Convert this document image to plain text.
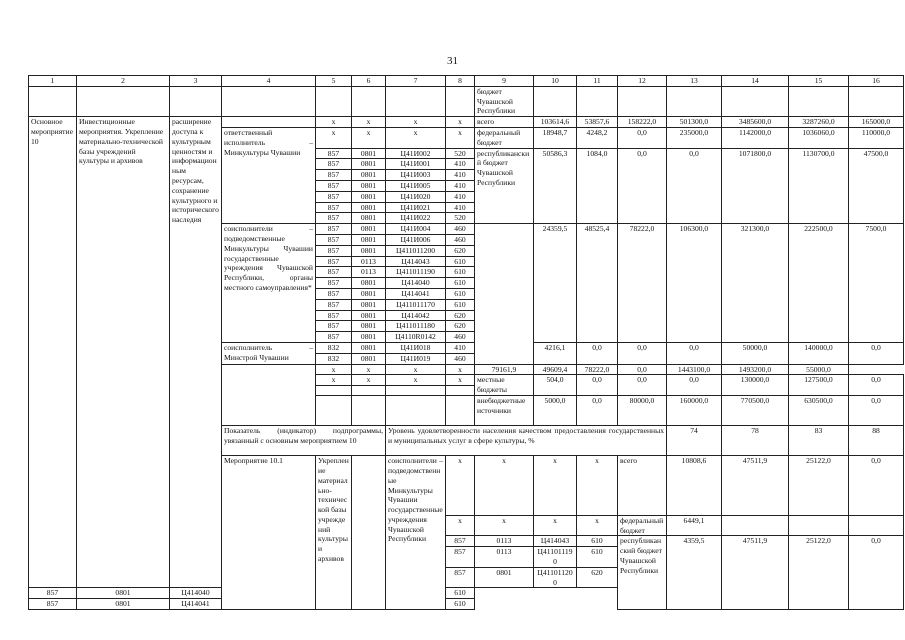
31
1	2	3	4	5	6	7	8	9	10	11	12	13	14	15	16	
								бюджет Чувашской Республики								
Основное мероприятие 10	Инвестиционные мероприятия. Укрепление материально-технической базы учреждений культуры и архивов	расширение доступа к культурным ценностям и информационным ресурсам, сохранение культурного и исторического наследия		x	x	x	x	всего	103614,6	53857,6	158222,0	501300,0	3485600,0	3287260,0	165000,0	
			ответственный исполнитель – Минкультуры Чувашии	x	x	x	x	федеральный бюджет	18948,7	4248,2	0,0	235000,0	1142000,0	1036060,0	110000,0	
				857	0801	Ц41И002	520	республиканский бюджет Чувашской Республики	50586,3	1084,0	0,0	0,0	1071800,0	1130700,0	47500,0	
				857	0801	Ц41И001	410									
				857	0801	Ц41И003	410									
				857	0801	Ц41И005	410									
				857	0801	Ц41И020	410									
				857	0801	Ц41И021	410									
				857	0801	Ц41И022	520									
			соисполнители – подведомственные Минкультуры Чувашии государственные учреждения Чувашской Республики, органы местного самоуправления*	857	0801	Ц41И004	460		24359,5	48525,4	78222,0	106300,0	321300,0	222500,0	7500,0	
				857	0801	Ц41И006	460									
				857	0801	Ц411011200	620									
				857	0113	Ц414043	610									
				857	0113	Ц411011190	610									
				857	0801	Ц414040	610									
				857	0801	Ц414041	610									
				857	0801	Ц411011170	610									
				857	0801	Ц414042	620									
				857	0801	Ц411011180	620									
				857	0801	Ц4110R0142	460									
			соисполнитель – Минстрой Чувашии	832	0801	Ц41И018	410		4216,1	0,0	0,0	0,0	50000,0	140000,0	0,0	
				832	0801	Ц41И019	460									
				x	x	x	x	79161,9	49609,4	78222,0	0,0	1443100,0	1493200,0	55000,0		
				x	x	x	x	местные бюджеты	504,0	0,0	0,0	0,0	130000,0	127500,0	0,0	

								внебюджетные источники	5000,0	0,0	80000,0	160000,0	770500,0	630500,0	0,0	
			Показатель (индикатор) подпрограммы, увязанный с основным мероприятием 10			Уровень удовлетворенности населения качеством предоставления государственных и муниципальных услуг в сфере культуры, %						74	78	83	88			
			Мероприятие 10.1	Укрепление материально-технической базы учреждений культуры и архивов		соисполнители – подведомственные Минкультуры Чувашии государственные учреждения Чувашской Республики	x	x	x	x	всего	10808,6	47511,9	25122,0	0,0			
							x	x	x	x	федеральный бюджет	6449,1						
							857	0113	Ц414043	610	республиканский бюджет Чувашской Республики	4359,5	47511,9	25122,0	0,0			
							857	0113	Ц411011190	610						
							857	0801	Ц411011200	620						
857	0801	Ц414040					610									
857	0801	Ц414041					610									
